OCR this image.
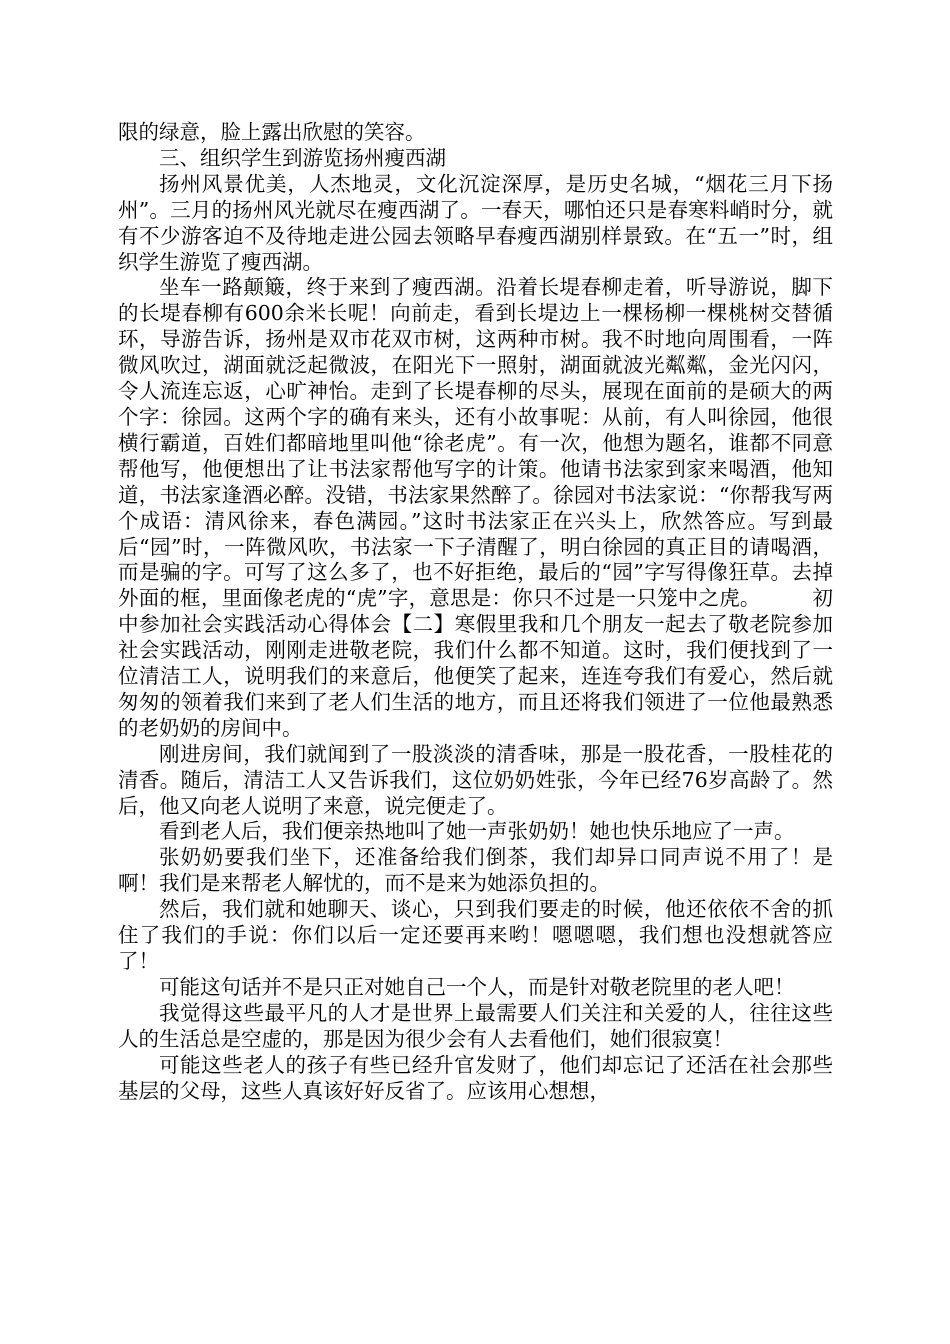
限的绿意，脸上露出欣慰的笑容。

三、组织学生到游览扬州瘦西湖

扬州风景优美，人杰地灵，文化沉淀深厚，是历史名城，“烟花三月下扬州”。三月的扬州风光就尽在瘦西湖了。一春天，哪怕还只是春寒料峭时分，就有不少游客迫不及待地走进公园去领略早春瘦西湖别样景致。在“五一”时，组织学生游览了瘦西湖。

坐车一路颠簸，终于来到了瘦西湖。沿着长堤春柳走着，听导游说，脚下的长堤春柳有600余米长呢！向前走，看到长堤边上一棵杨柳一棵桃树交替循环，导游告诉，扬州是双市花双市树，这两种市树。我不时地向周围看，一阵微风吹过，湖面就泛起微波，在阳光下一照射，湖面就波光粼粼，金光闪闪，令人流连忘返，心旷神怡。走到了长堤春柳的尽头，展现在面前的是硕大的两个字：徐园。这两个字的确有来头，还有小故事呢：从前，有人叫徐园，他很横行霸道，百姓们都暗地里叫他“徐老虎”。有一次，他想为题名，谁都不同意帮他写，他便想出了让书法家帮他写字的计策。他请书法家到家来喝酒，他知道，书法家逢酒必醉。没错，书法家果然醉了。徐园对书法家说：“你帮我写两个成语：清风徐来，春色满园。”这时书法家正在兴头上，欣然答应。写到最后“园”时，一阵微风吹，书法家一下子清醒了，明白徐园的真正目的请喝酒，而是骗的字。可写了这么多了，也不好拒绝，最后的“园”字写得像狂草。去掉外面的框，里面像老虎的“虎”字，意思是：你只不过是一只笼中之虎。　　　初中参加社会实践活动心得体会【二】寒假里我和几个朋友一起去了敬老院参加社会实践活动，刚刚走进敬老院，我们什么都不知道。这时，我们便找到了一位清洁工人，说明我们的来意后，他便笑了起来，连连夸我们有爱心，然后就匆匆的领着我们来到了老人们生活的地方，而且还将我们领进了一位他最熟悉的老奶奶的房间中。

刚进房间，我们就闻到了一股淡淡的清香味，那是一股花香，一股桂花的清香。随后，清洁工人又告诉我们，这位奶奶姓张，今年已经76岁高龄了。然后，他又向老人说明了来意，说完便走了。

看到老人后，我们便亲热地叫了她一声张奶奶！她也快乐地应了一声。

张奶奶要我们坐下，还准备给我们倒茶，我们却异口同声说不用了！是啊！我们是来帮老人解忧的，而不是来为她添负担的。

然后，我们就和她聊天、谈心，只到我们要走的时候，他还依依不舍的抓住了我们的手说：你们以后一定还要再来哟！嗯嗯嗯，我们想也没想就答应了！

可能这句话并不是只正对她自己一个人，而是针对敬老院里的老人吧！

我觉得这些最平凡的人才是世界上最需要人们关注和关爱的人，往往这些人的生活总是空虚的，那是因为很少会有人去看他们，她们很寂寞！

可能这些老人的孩子有些已经升官发财了，他们却忘记了还活在社会那些基层的父母，这些人真该好好反省了。应该用心想想，
